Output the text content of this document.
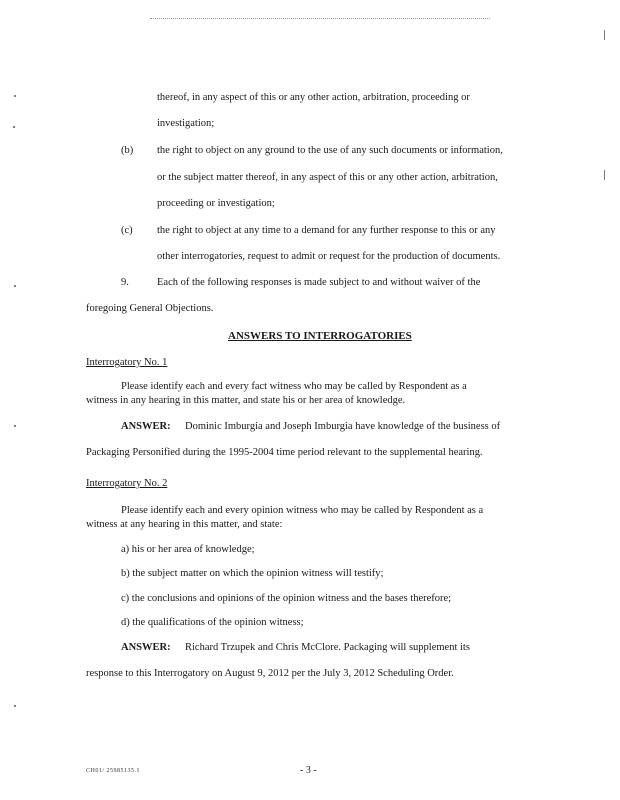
thereof, in any aspect of this or any other action, arbitration, proceeding or
investigation;
(b) the right to object on any ground to the use of any such documents or information,
or the subject matter thereof, in any aspect of this or any other action, arbitration,
proceeding or investigation;
(c) the right to object at any time to a demand for any further response to this or any
other interrogatories, request to admit or request for the production of documents.
9.	Each of the following responses is made subject to and without waiver of the
foregoing General Objections.
ANSWERS TO INTERROGATORIES
Interrogatory No. 1
Please identify each and every fact witness who may be called by Respondent as a
witness in any hearing in this matter, and state his or her area of knowledge.
ANSWER: Dominic Imburgia and Joseph Imburgia have knowledge of the business of
Packaging Personified during the 1995-2004 time period relevant to the supplemental hearing.
Interrogatory No. 2
Please identify each and every opinion witness who may be called by Respondent as a
witness at any hearing in this matter, and state:
a) his or her area of knowledge;
b) the subject matter on which the opinion witness will testify;
c) the conclusions and opinions of the opinion witness and the bases therefore;
d) the qualifications of the opinion witness;
ANSWER: Richard Trzupek and Chris McClore. Packaging will supplement its
response to this Interrogatory on August 9, 2012 per the July 3, 2012 Scheduling Order.
CH01/ 25985135.1	- 3 -
